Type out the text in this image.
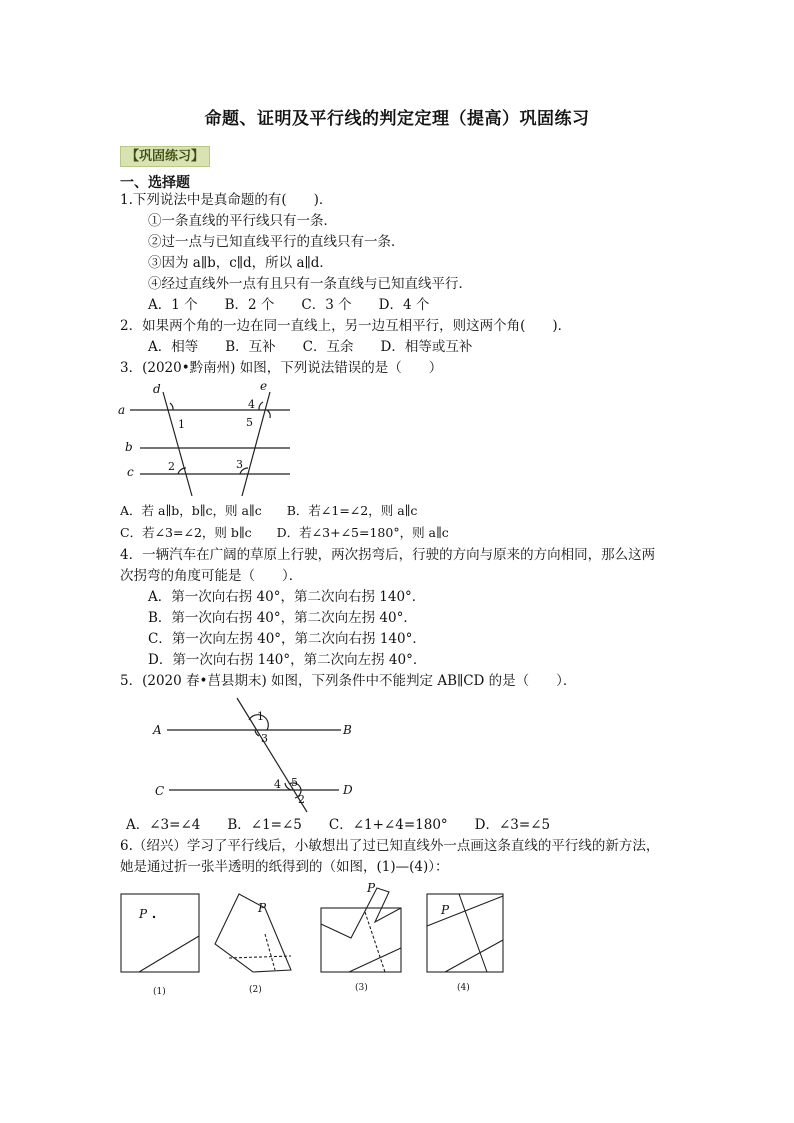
命题、证明及平行线的判定定理（提高）巩固练习
【巩固练习】
一、选择题
1.下列说法中是真命题的有(　　)．
①一条直线的平行线只有一条．
②过一点与已知直线平行的直线只有一条．
③因为 a∥b，c∥d，所以 a∥d．
④经过直线外一点有且只有一条直线与已知直线平行．
A．1 个　　B．2 个　　C．3 个　　D．4 个
2．如果两个角的一边在同一直线上，另一边互相平行，则这两个角(　　)．
A．相等　　B．互补　　C．互余　　D．相等或互补
3．(2020•黔南州) 如图，下列说法错误的是（　　）
a
b
c
d	e
1
2	3
4
5
A．若 a∥b，b∥c，则 a∥c　　B．若∠1=∠2，则 a∥c
C．若∠3=∠2，则 b∥c　　D．若∠3+∠5=180°，则 a∥c
4．一辆汽车在广阔的草原上行驶，两次拐弯后，行驶的方向与原来的方向相同，那么这两
次拐弯的角度可能是（　　）．
A．第一次向右拐 40°，第二次向右拐 140°．
B．第一次向右拐 40°，第二次向左拐 40°．
C．第一次向左拐 40°，第二次向右拐 140°．
D．第一次向右拐 140°，第二次向左拐 40°．
5．(2020 春•莒县期末) 如图，下列条件中不能判定 AB∥CD 的是（　　）．
A	B
C	D
1
3
4 5
2
A．∠3=∠4　　B．∠1=∠5　　C．∠1+∠4=180°　　D．∠3=∠5
6.（绍兴）学习了平行线后，小敏想出了过已知直线外一点画这条直线的平行线的新方法，
她是通过折一张半透明的纸得到的（如图，(1)—(4)）：
P	P
P
P
(1)	(2)	(3)	(4)
